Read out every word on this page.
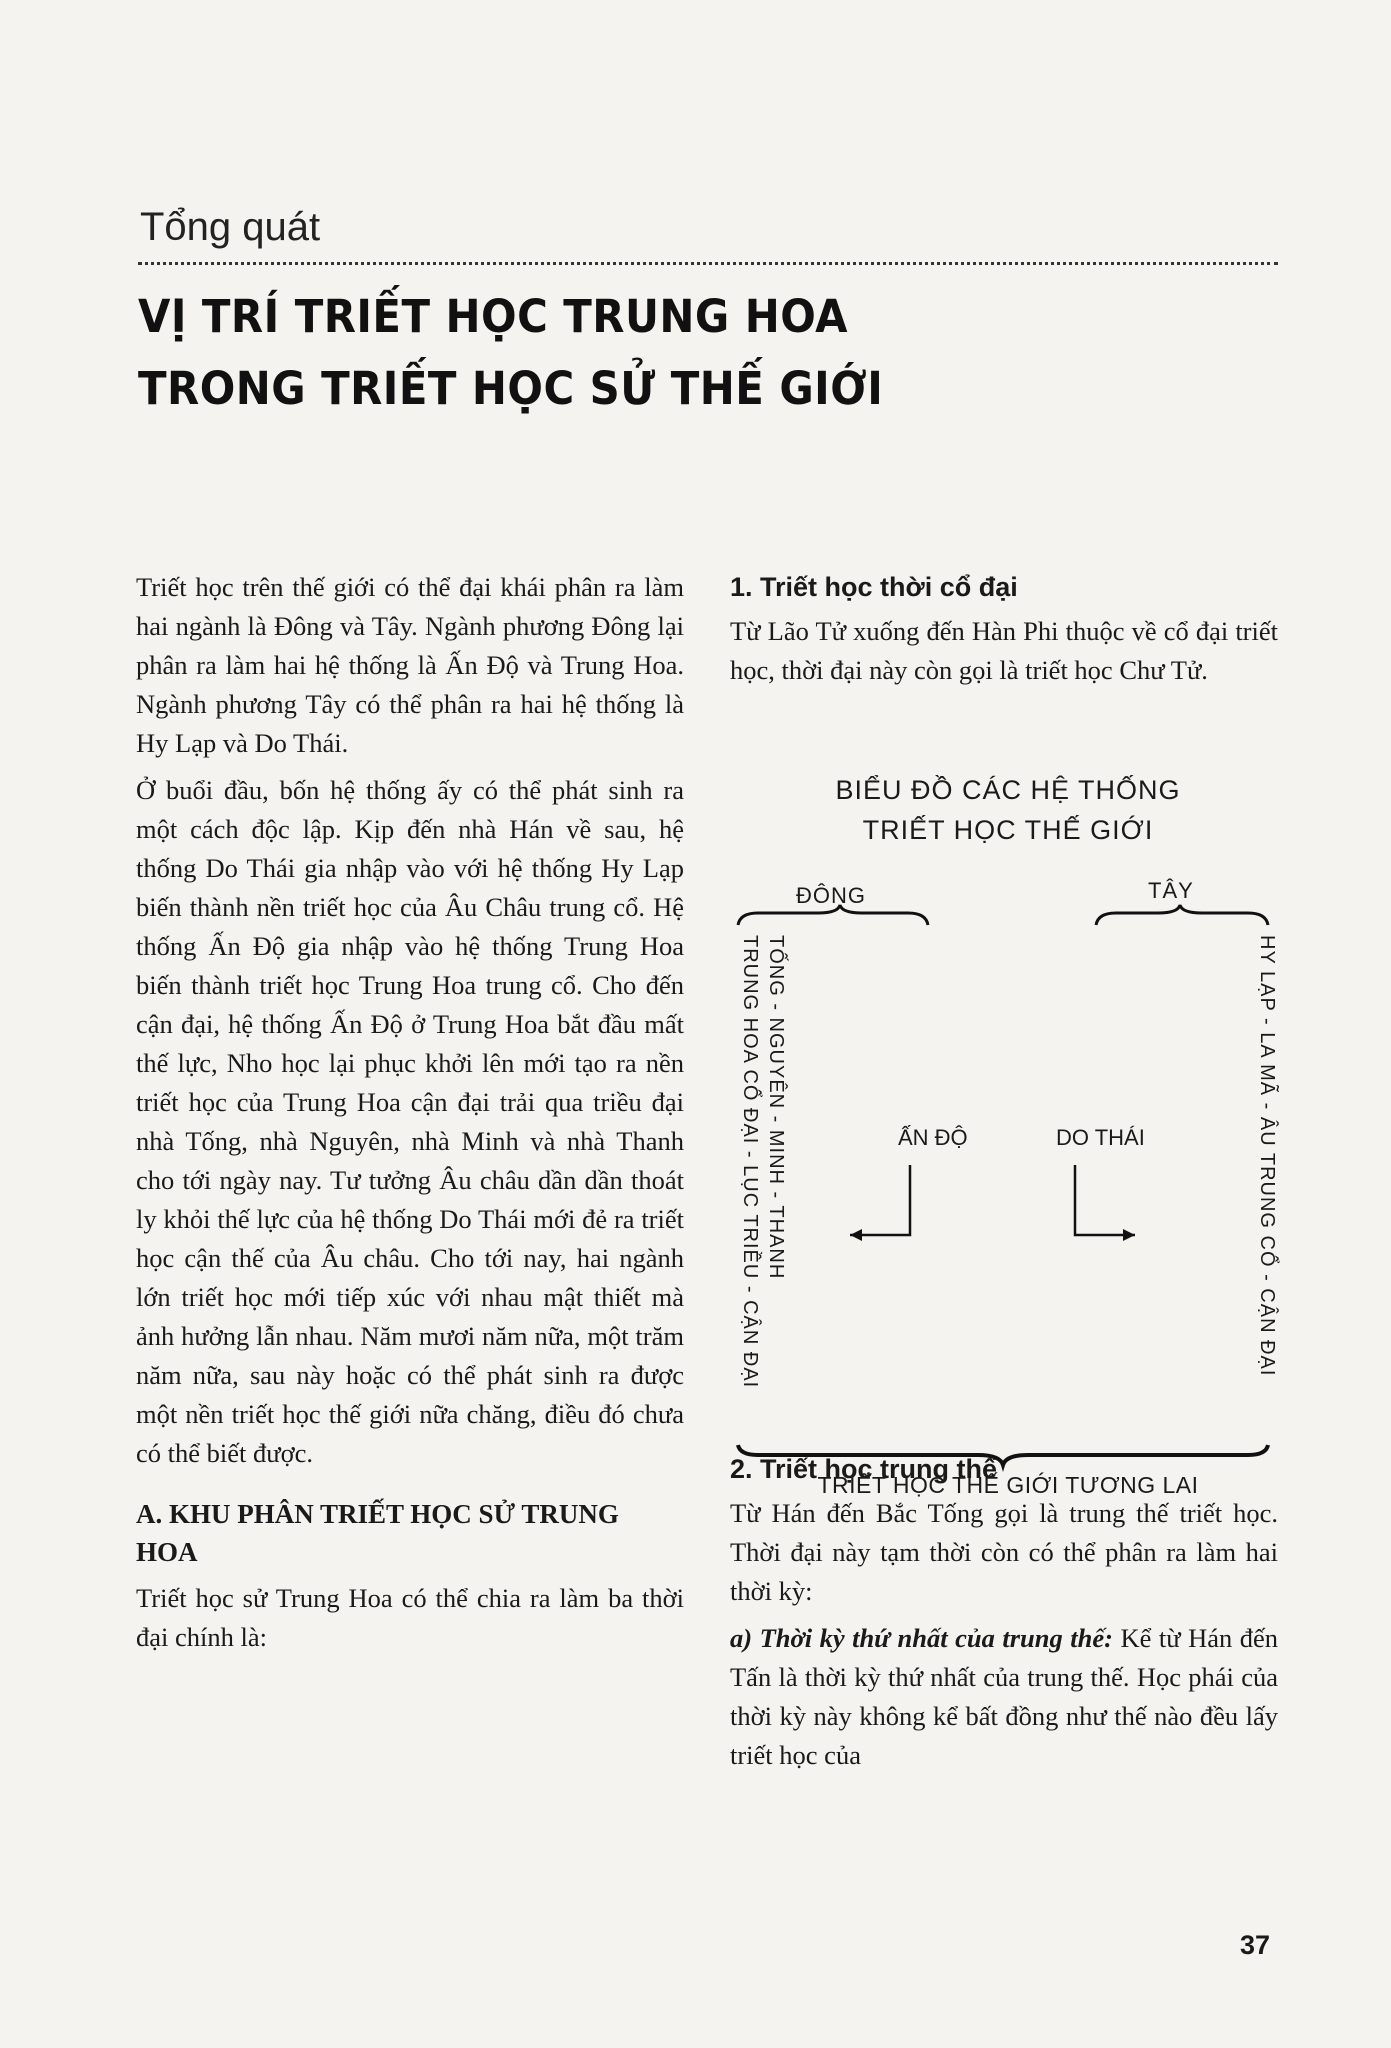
Tổng quát
VỊ TRÍ TRIẾT HỌC TRUNG HOA
TRONG TRIẾT HỌC SỬ THẾ GIỚI

Triết học trên thế giới có thể đại khái phân ra làm hai ngành là Đông và Tây. Ngành phương Đông lại phân ra làm hai hệ thống là Ấn Độ và Trung Hoa. Ngành phương Tây có thể phân ra hai hệ thống là Hy Lạp và Do Thái.

Ở buổi đầu, bốn hệ thống ấy có thể phát sinh ra một cách độc lập. Kịp đến nhà Hán về sau, hệ thống Do Thái gia nhập vào với hệ thống Hy Lạp biến thành nền triết học của Âu Châu trung cổ. Hệ thống Ấn Độ gia nhập vào hệ thống Trung Hoa biến thành triết học Trung Hoa trung cổ. Cho đến cận đại, hệ thống Ấn Độ ở Trung Hoa bắt đầu mất thế lực, Nho học lại phục khởi lên mới tạo ra nền triết học của Trung Hoa cận đại trải qua triều đại nhà Tống, nhà Nguyên, nhà Minh và nhà Thanh cho tới ngày nay. Tư tưởng Âu châu dần dần thoát ly khỏi thế lực của hệ thống Do Thái mới đẻ ra triết học cận thế của Âu châu. Cho tới nay, hai ngành lớn triết học mới tiếp xúc với nhau mật thiết mà ảnh hưởng lẫn nhau. Năm mươi năm nữa, một trăm năm nữa, sau này hoặc có thể phát sinh ra được một nền triết học thế giới nữa chăng, điều đó chưa có thể biết được.

A. KHU PHÂN TRIẾT HỌC SỬ TRUNG HOA

Triết học sử Trung Hoa có thể chia ra làm ba thời đại chính là:

1. Triết học thời cổ đại

Từ Lão Tử xuống đến Hàn Phi thuộc về cổ đại triết học, thời đại này còn gọi là triết học Chư Tử.

2. Triết học trung thế

Từ Hán đến Bắc Tống gọi là trung thế triết học. Thời đại này tạm thời còn có thể phân ra làm hai thời kỳ:

a) Thời kỳ thứ nhất của trung thế: Kể từ Hán đến Tấn là thời kỳ thứ nhất của trung thế. Học phái của thời kỳ này không kể bất đồng như thế nào đều lấy triết học của

BIỂU ĐỒ CÁC HỆ THỐNG
TRIẾT HỌC THẾ GIỚI
ĐÔNG	TÂY
TRUNG HOA CỔ ĐẠI - LỤC TRIỀU - CẬN ĐẠI TỐNG - NGUYÊN - MINH - THANH	HY LẠP - LA MÃ - ÂU TRUNG CỔ - CẬN ĐẠI
ẤN ĐỘ	DO THÁI
TRIẾT HỌC THẾ GIỚI TƯƠNG LAI
37
